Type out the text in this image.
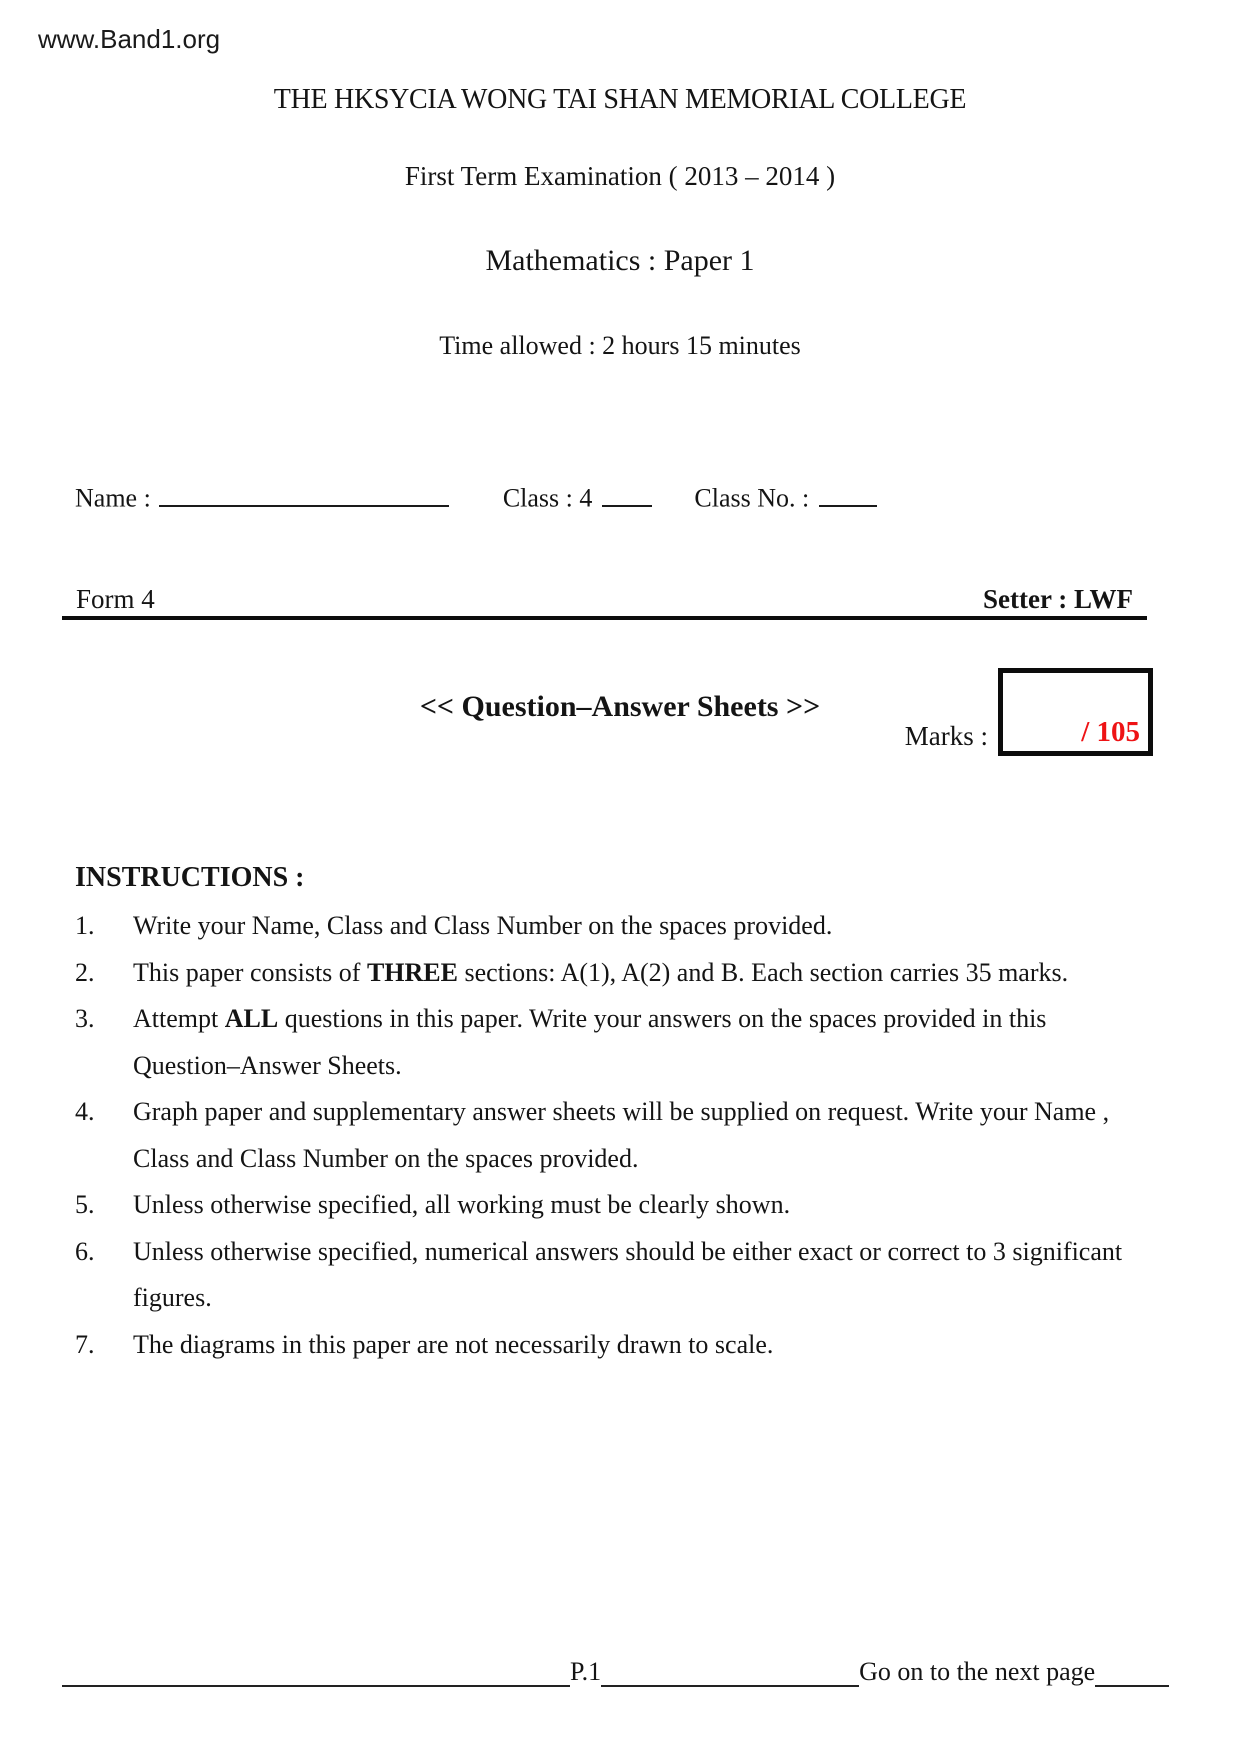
www.Band1.org
THE HKSYCIA WONG TAI SHAN MEMORIAL COLLEGE
First Term Examination ( 2013 – 2014 )
Mathematics : Paper 1
Time allowed : 2 hours 15 minutes
Name :	Class : 4	Class No. :
Form 4	Setter : LWF
<< Question–Answer Sheets >>
Marks :	/ 105
INSTRUCTIONS :
1.	Write your Name, Class and Class Number on the spaces provided.
2.	This paper consists of THREE sections: A(1), A(2) and B. Each section carries 35 marks.
3.	Attempt ALL questions in this paper. Write your answers on the spaces provided in this
Question–Answer Sheets.
4.	Graph paper and supplementary answer sheets will be supplied on request. Write your Name ,
Class and Class Number on the spaces provided.
5.	Unless otherwise specified, all working must be clearly shown.
6.	Unless otherwise specified, numerical answers should be either exact or correct to 3 significant
figures.
7.	The diagrams in this paper are not necessarily drawn to scale.
P.1	Go on to the next page
